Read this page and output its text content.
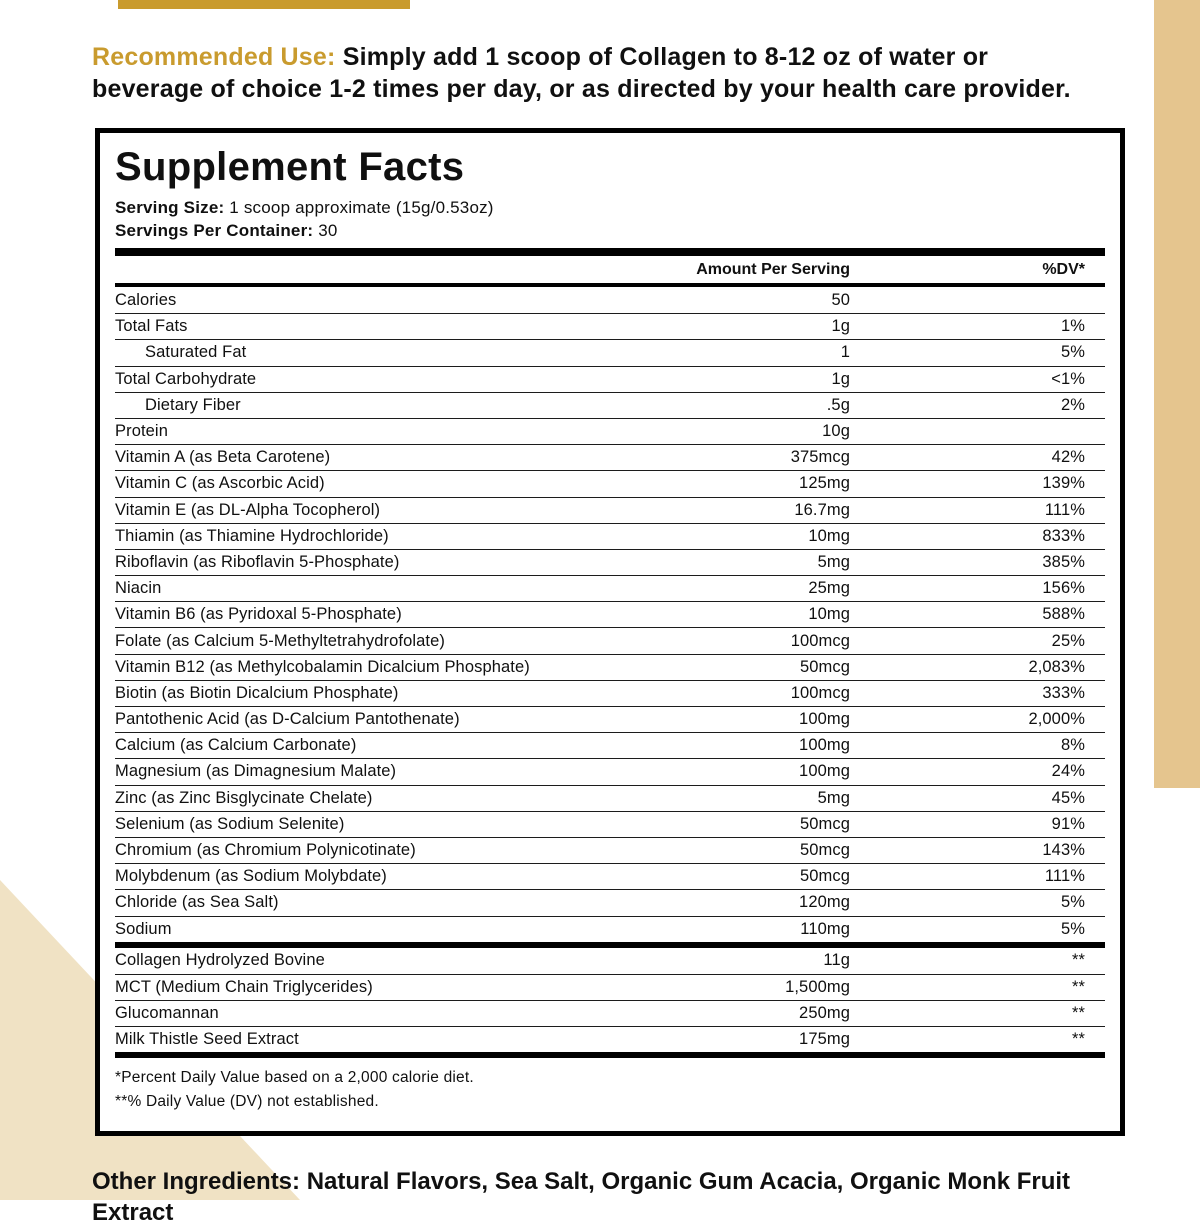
Recommended Use: Simply add 1 scoop of Collagen to 8-12 oz of water or beverage of choice 1-2 times per day, or as directed by your health care provider.

Supplement Facts
Serving Size: 1 scoop approximate (15g/0.53oz)
Servings Per Container: 30
Amount Per Serving	%DV*
Calories	50
Total Fats	1g	1%
Saturated Fat	1	5%
Total Carbohydrate	1g	<1%
Dietary Fiber	.5g	2%
Protein	10g
Vitamin A (as Beta Carotene)	375mcg	42%
Vitamin C (as Ascorbic Acid)	125mg	139%
Vitamin E (as DL-Alpha Tocopherol)	16.7mg	111%
Thiamin (as Thiamine Hydrochloride)	10mg	833%
Riboflavin (as Riboflavin 5-Phosphate)	5mg	385%
Niacin	25mg	156%
Vitamin B6 (as Pyridoxal 5-Phosphate)	10mg	588%
Folate (as Calcium 5-Methyltetrahydrofolate)	100mcg	25%
Vitamin B12 (as Methylcobalamin Dicalcium Phosphate)	50mcg	2,083%
Biotin (as Biotin Dicalcium Phosphate)	100mcg	333%
Pantothenic Acid (as D-Calcium Pantothenate)	100mg	2,000%
Calcium (as Calcium Carbonate)	100mg	8%
Magnesium (as Dimagnesium Malate)	100mg	24%
Zinc (as Zinc Bisglycinate Chelate)	5mg	45%
Selenium (as Sodium Selenite)	50mcg	91%
Chromium (as Chromium Polynicotinate)	50mcg	143%
Molybdenum (as Sodium Molybdate)	50mcg	111%
Chloride (as Sea Salt)	120mg	5%
Sodium	110mg	5%
Collagen Hydrolyzed Bovine	11g	**
MCT (Medium Chain Triglycerides)	1,500mg	**
Glucomannan	250mg	**
Milk Thistle Seed Extract	175mg	**
*Percent Daily Value based on a 2,000 calorie diet.
**% Daily Value (DV) not established.

Other Ingredients: Natural Flavors, Sea Salt, Organic Gum Acacia, Organic Monk Fruit Extract
